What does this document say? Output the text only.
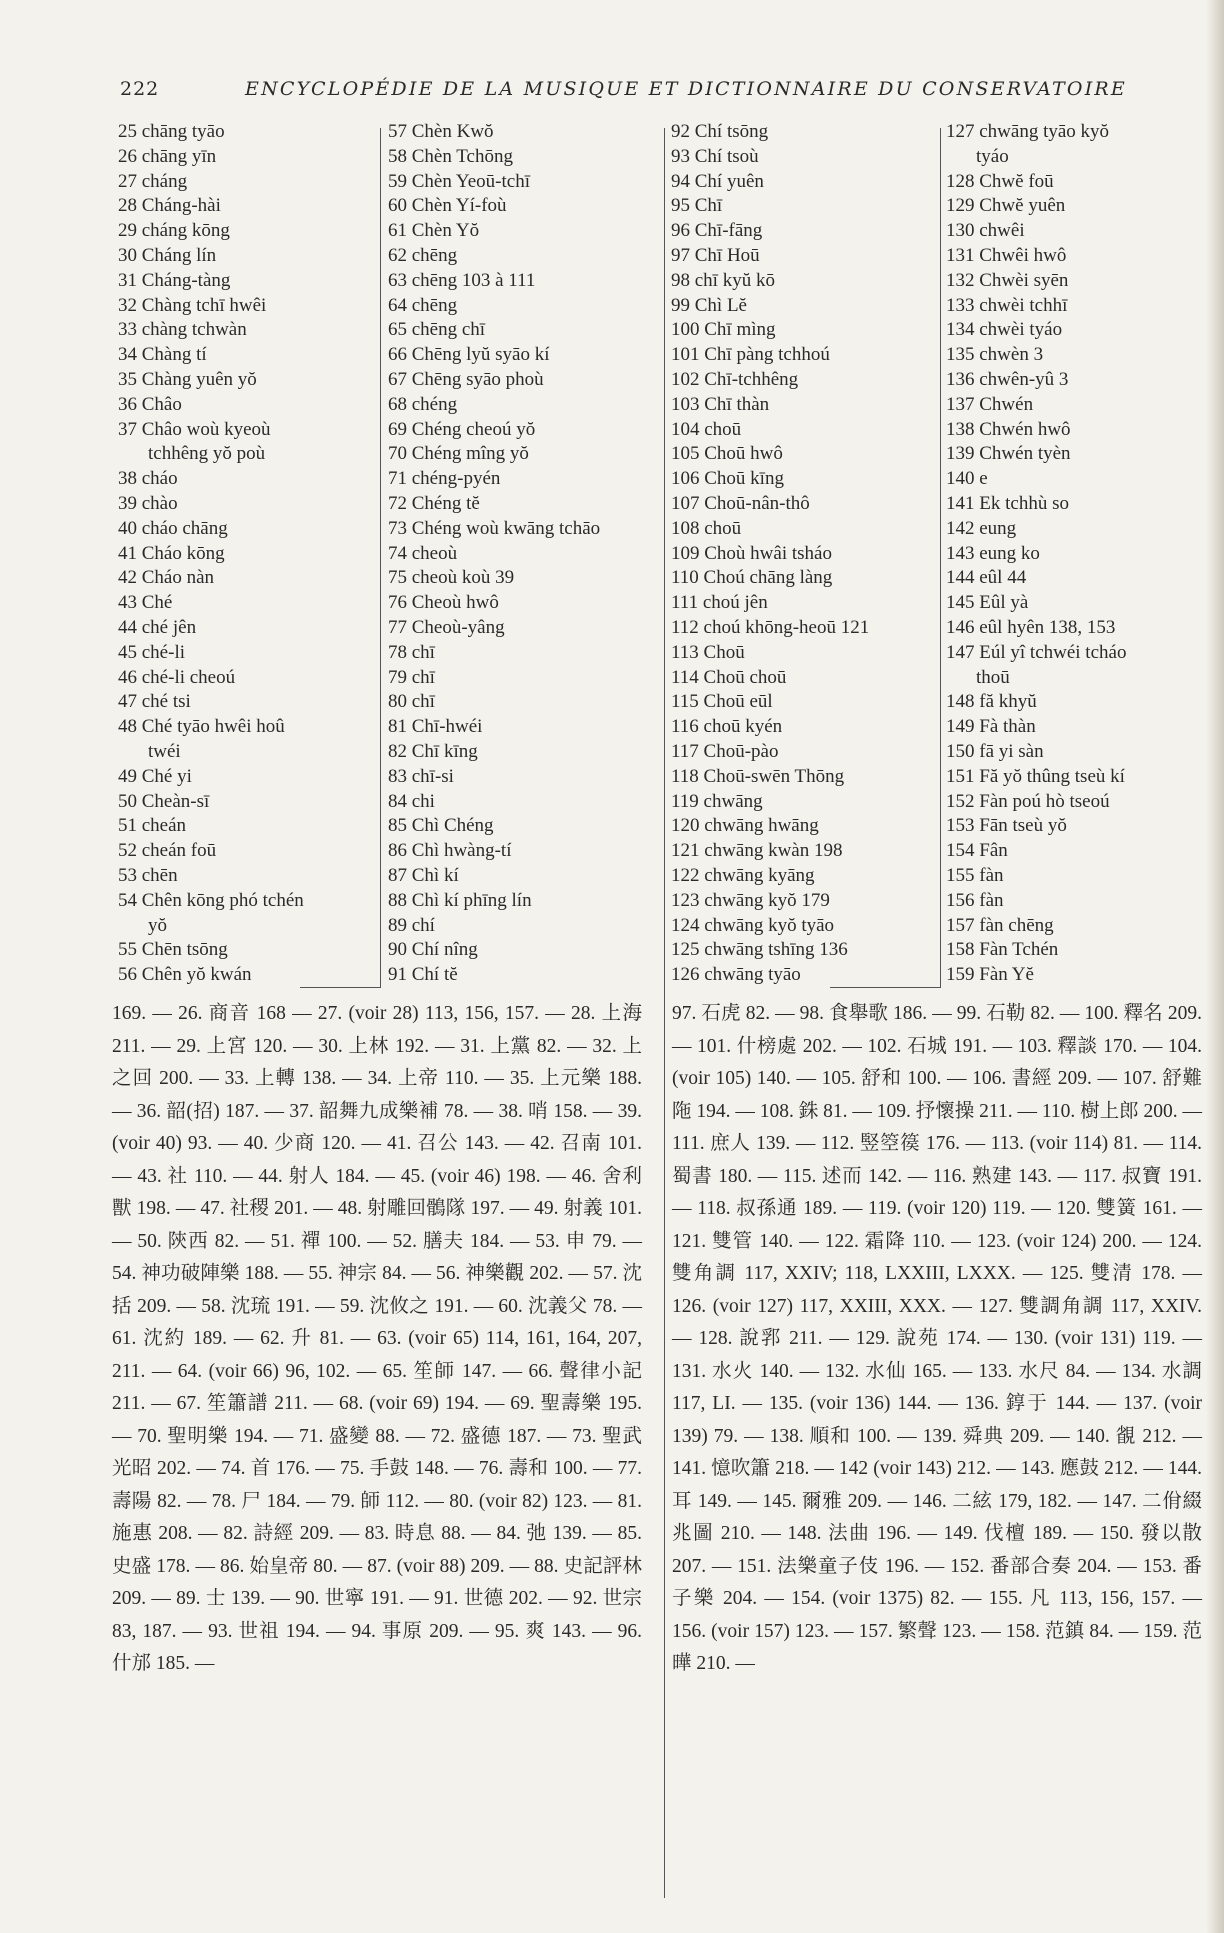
222	ENCYCLOPÉDIE DE LA MUSIQUE ET DICTIONNAIRE DU CONSERVATOIRE
25 chāng tyāo
26 chāng yīn
27 cháng
28 Cháng-hài
29 cháng kōng
30 Cháng lín
31 Cháng-tàng
32 Chàng tchī hwêi
33 chàng tchwàn
34 Chàng tí
35 Chàng yuên yŏ
36 Châo
37 Châo woù kyeoù
tchhêng yŏ poù
38 cháo
39 chào
40 cháo chāng
41 Cháo kōng
42 Cháo nàn
43 Ché
44 ché jên
45 ché-li
46 ché-li cheoú
47 ché tsi
48 Ché tyāo hwêi hoû
twéi
49 Ché yi
50 Cheàn-sī
51 cheán
52 cheán foū
53 chēn
54 Chên kōng phó tchén
yŏ
55 Chēn tsōng
56 Chên yŏ kwán
57 Chèn Kwŏ
58 Chèn Tchōng
59 Chèn Yeoū-tchī
60 Chèn Yí-foù
61 Chèn Yŏ
62 chēng
63 chēng 103 à 111
64 chēng
65 chēng chī
66 Chēng lyŭ syāo kí
67 Chēng syāo phoù
68 chéng
69 Chéng cheoú yŏ
70 Chéng mîng yŏ
71 chéng-pyén
72 Chéng tĕ
73 Chéng woù kwāng tchāo
74 cheoù
75 cheoù koù 39
76 Cheoù hwô
77 Cheoù-yâng
78 chī
79 chī
80 chī
81 Chī-hwéi
82 Chī kīng
83 chī-si
84 chi
85 Chì Chéng
86 Chì hwàng-tí
87 Chì kí
88 Chì kí phīng lín
89 chí
90 Chí nîng
91 Chí tĕ
92 Chí tsōng
93 Chí tsoù
94 Chí yuên
95 Chī
96 Chī-fāng
97 Chī Hoū
98 chī kyŭ kō
99 Chì Lĕ
100 Chī mìng
101 Chī pàng tchhoú
102 Chī-tchhêng
103 Chī thàn
104 choū
105 Choū hwô
106 Choū kīng
107 Choū-nân-thô
108 choū
109 Choù hwâi tsháo
110 Choú chāng làng
111 choú jên
112 choú khōng-heoū 121
113 Choū
114 Choū choū
115 Choū eūl
116 choū kyén
117 Choū-pào
118 Choū-swēn Thōng
119 chwāng
120 chwāng hwāng
121 chwāng kwàn 198
122 chwāng kyāng
123 chwāng kyŏ 179
124 chwāng kyŏ tyāo
125 chwāng tshīng 136
126 chwāng tyāo
127 chwāng tyāo kyŏ
tyáo
128 Chwĕ foū
129 Chwĕ yuên
130 chwêi
131 Chwêi hwô
132 Chwèi syēn
133 chwèi tchhī
134 chwèi tyáo
135 chwèn 3
136 chwên-yû 3
137 Chwén
138 Chwén hwô
139 Chwén tyèn
140 e
141 Ek tchhù so
142 eung
143 eung ko
144 eûl 44
145 Eûl yà
146 eûl hyên 138, 153
147 Eúl yî tchwéi tcháo
thoū
148 fă khyŭ
149 Fà thàn
150 fā yi sàn
151 Fă yŏ thûng tseù kí
152 Fàn poú hò tseoú
153 Fān tseù yŏ
154 Fân
155 fàn
156 fàn
157 fàn chēng
158 Fàn Tchén
159 Fàn Yĕ
169. — 26. 商音 168 — 27. (voir 28) 113, 156, 157. — 28. 上海 211. — 29. 上宮 120. — 30. 上林 192. — 31. 上黨 82. — 32. 上之回 200. — 33. 上轉 138. — 34. 上帝 110. — 35. 上元樂 188. — 36. 韶(招) 187. — 37. 韶舞九成樂補 78. — 38. 哨 158. — 39. (voir 40) 93. — 40. 少商 120. — 41. 召公 143. — 42. 召南 101. — 43. 社 110. — 44. 射人 184. — 45. (voir 46) 198. — 46. 舍利獸 198. — 47. 社稷 201. — 48. 射雕回鶻隊 197. — 49. 射義 101. — 50. 陝西 82. — 51. 禪 100. — 52. 膳夫 184. — 53. 申 79. — 54. 神功破陣樂 188. — 55. 神宗 84. — 56. 神樂觀 202. — 57. 沈括 209. — 58. 沈琉 191. — 59. 沈攸之 191. — 60. 沈義父 78. — 61. 沈約 189. — 62. 升 81. — 63. (voir 65) 114, 161, 164, 207, 211. — 64. (voir 66) 96, 102. — 65. 笙師 147. — 66. 聲律小記 211. — 67. 笙簫譜 211. — 68. (voir 69) 194. — 69. 聖壽樂 195. — 70. 聖明樂 194. — 71. 盛變 88. — 72. 盛德 187. — 73. 聖武光昭 202. — 74. 首 176. — 75. 手鼓 148. — 76. 壽和 100. — 77. 壽陽 82. — 78. 尸 184. — 79. 師 112. — 80. (voir 82) 123. — 81. 施惠 208. — 82. 詩經 209. — 83. 時息 88. — 84. 弛 139. — 85. 史盛 178. — 86. 始皇帝 80. — 87. (voir 88) 209. — 88. 史記評林 209. — 89. 士 139. — 90. 世寧 191. — 91. 世德 202. — 92. 世宗 83, 187. — 93. 世祖 194. — 94. 事原 209. — 95. 爽 143. — 96. 什邡 185. —
97. 石虎 82. — 98. 食舉歌 186. — 99. 石勒 82. — 100. 釋名 209. — 101. 什榜處 202. — 102. 石城 191. — 103. 釋談 170. — 104. (voir 105) 140. — 105. 舒和 100. — 106. 書經 209. — 107. 舒難陁 194. — 108. 銖 81. — 109. 抒懷操 211. — 110. 樹上郎 200. — 111. 庶人 139. — 112. 竪箜篌 176. — 113. (voir 114) 81. — 114. 蜀書 180. — 115. 述而 142. — 116. 熟建 143. — 117. 叔寶 191. — 118. 叔孫通 189. — 119. (voir 120) 119. — 120. 雙簧 161. — 121. 雙管 140. — 122. 霜降 110. — 123. (voir 124) 200. — 124. 雙角調 117, XXIV; 118, LXXIII, LXXX. — 125. 雙清 178. — 126. (voir 127) 117, XXIII, XXX. — 127. 雙調角調 117, XXIV. — 128. 說郛 211. — 129. 說苑 174. — 130. (voir 131) 119. — 131. 水火 140. — 132. 水仙 165. — 133. 水尺 84. — 134. 水調 117, LI. — 135. (voir 136) 144. — 136. 錞于 144. — 137. (voir 139) 79. — 138. 順和 100. — 139. 舜典 209. — 140. 䚇 212. — 141. 憶吹簫 218. — 142 (voir 143) 212. — 143. 應鼓 212. — 144. 耳 149. — 145. 爾雅 209. — 146. 二絃 179, 182. — 147. 二佾綴兆圖 210. — 148. 法曲 196. — 149. 伐檀 189. — 150. 發以散 207. — 151. 法樂童子伎 196. — 152. 番部合奏 204. — 153. 番子樂 204. — 154. (voir 1375) 82. — 155. 凡 113, 156, 157. — 156. (voir 157) 123. — 157. 繁聲 123. — 158. 范鎮 84. — 159. 范曄 210. —
